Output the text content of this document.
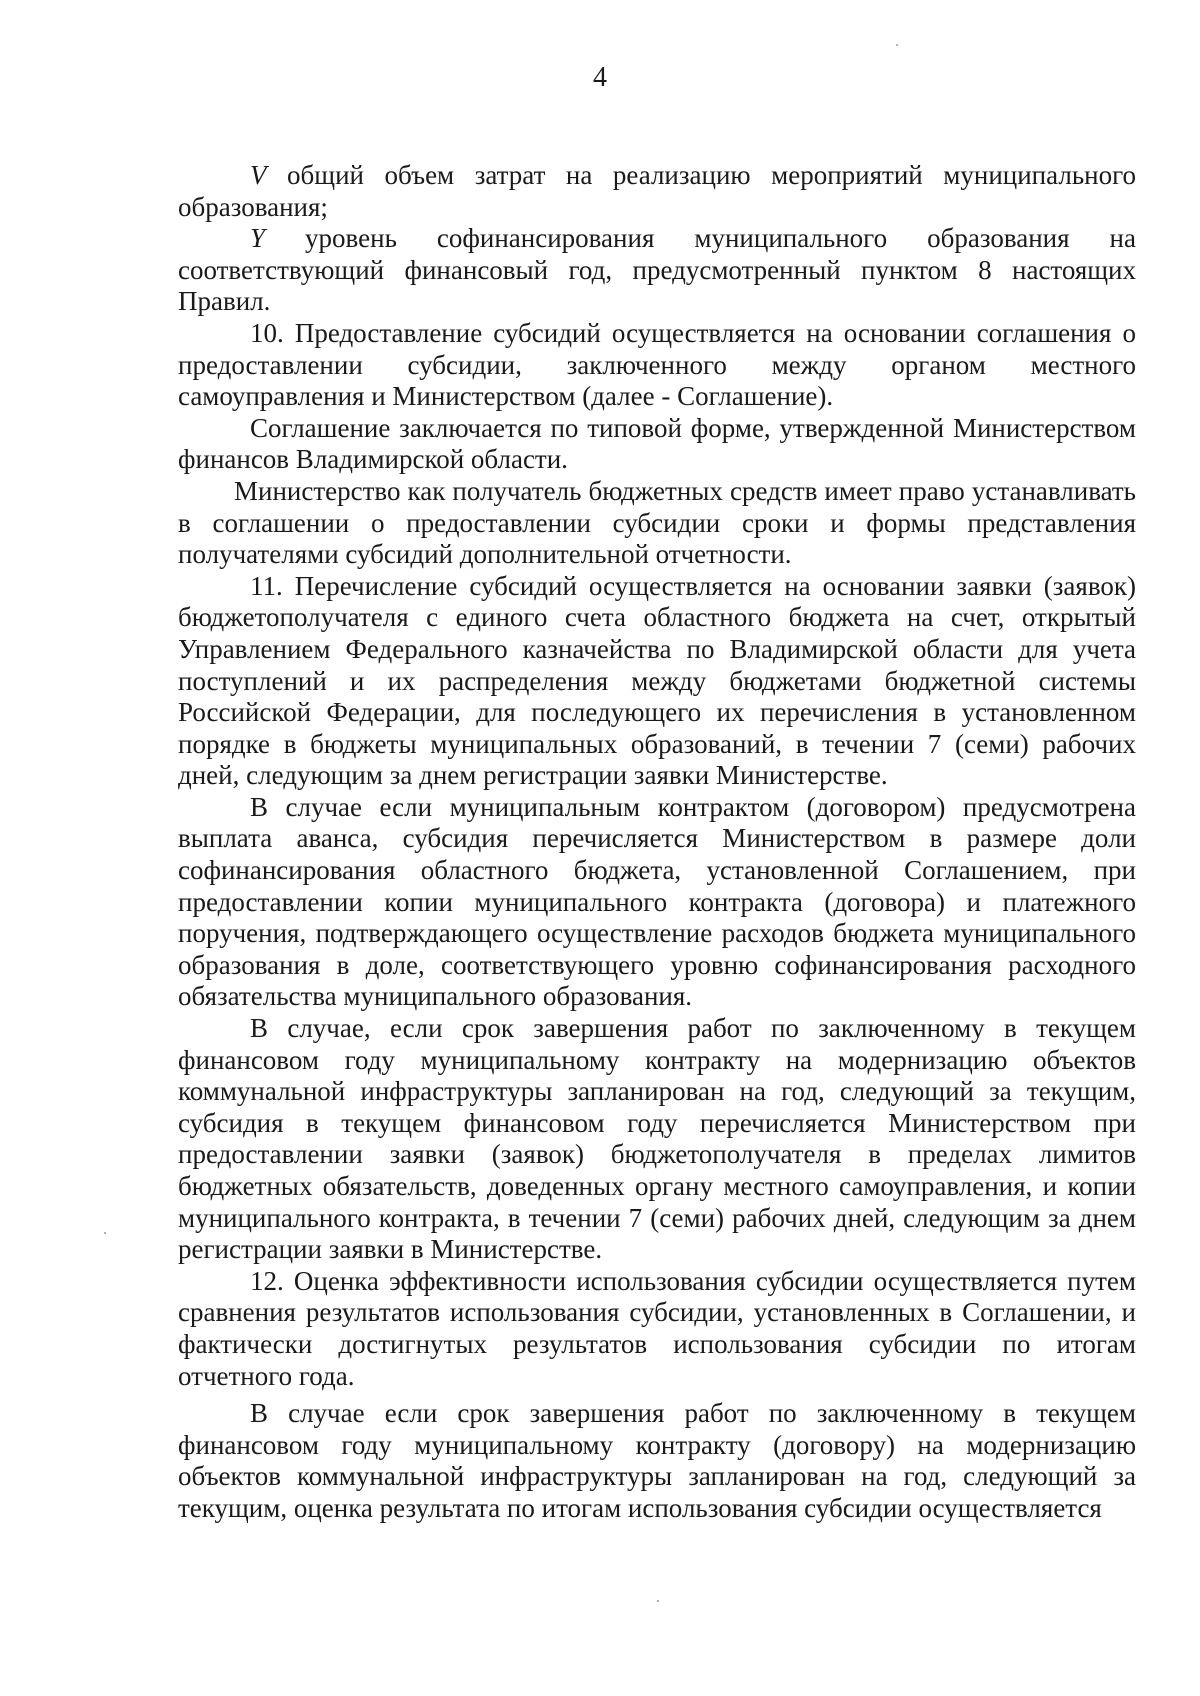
4

V общий объем затрат на реализацию мероприятий муниципального образования;

Y уровень софинансирования муниципального образования на соответствующий финансовый год, предусмотренный пунктом 8 настоящих Правил.

10. Предоставление субсидий осуществляется на основании соглашения о предоставлении субсидии, заключенного между органом местного самоуправления и Министерством (далее - Соглашение).

Соглашение заключается по типовой форме, утвержденной Министерством финансов Владимирской области.

Министерство как получатель бюджетных средств имеет право устанавливать в соглашении о предоставлении субсидии сроки и формы представления получателями субсидий дополнительной отчетности.

11. Перечисление субсидий осуществляется на основании заявки (заявок) бюджетополучателя с единого счета областного бюджета на счет, открытый Управлением Федерального казначейства по Владимирской области для учета поступлений и их распределения между бюджетами бюджетной системы Российской Федерации, для последующего их перечисления в установленном порядке в бюджеты муниципальных образований, в течении 7 (семи) рабочих дней, следующим за днем регистрации заявки Министерстве.

В случае если муниципальным контрактом (договором) предусмотрена выплата аванса, субсидия перечисляется Министерством в размере доли софинансирования областного бюджета, установленной Соглашением, при предоставлении копии муниципального контракта (договора) и платежного поручения, подтверждающего осуществление расходов бюджета муниципального образования в доле, соответствующего уровню софинансирования расходного обязательства муниципального образования.

В случае, если срок завершения работ по заключенному в текущем финансовом году муниципальному контракту на модернизацию объектов коммунальной инфраструктуры запланирован на год, следующий за текущим, субсидия в текущем финансовом году перечисляется Министерством при предоставлении заявки (заявок) бюджетополучателя в пределах лимитов бюджетных обязательств, доведенных органу местного самоуправления, и копии муниципального контракта, в течении 7 (семи) рабочих дней, следующим за днем регистрации заявки в Министерстве.

12. Оценка эффективности использования субсидии осуществляется путем сравнения результатов использования субсидии, установленных в Соглашении, и фактически достигнутых результатов использования субсидии по итогам отчетного года.

В случае если срок завершения работ по заключенному в текущем финансовом году муниципальному контракту (договору) на модернизацию объектов коммунальной инфраструктуры запланирован на год, следующий за текущим, оценка результата по итогам использования субсидии осуществляется
